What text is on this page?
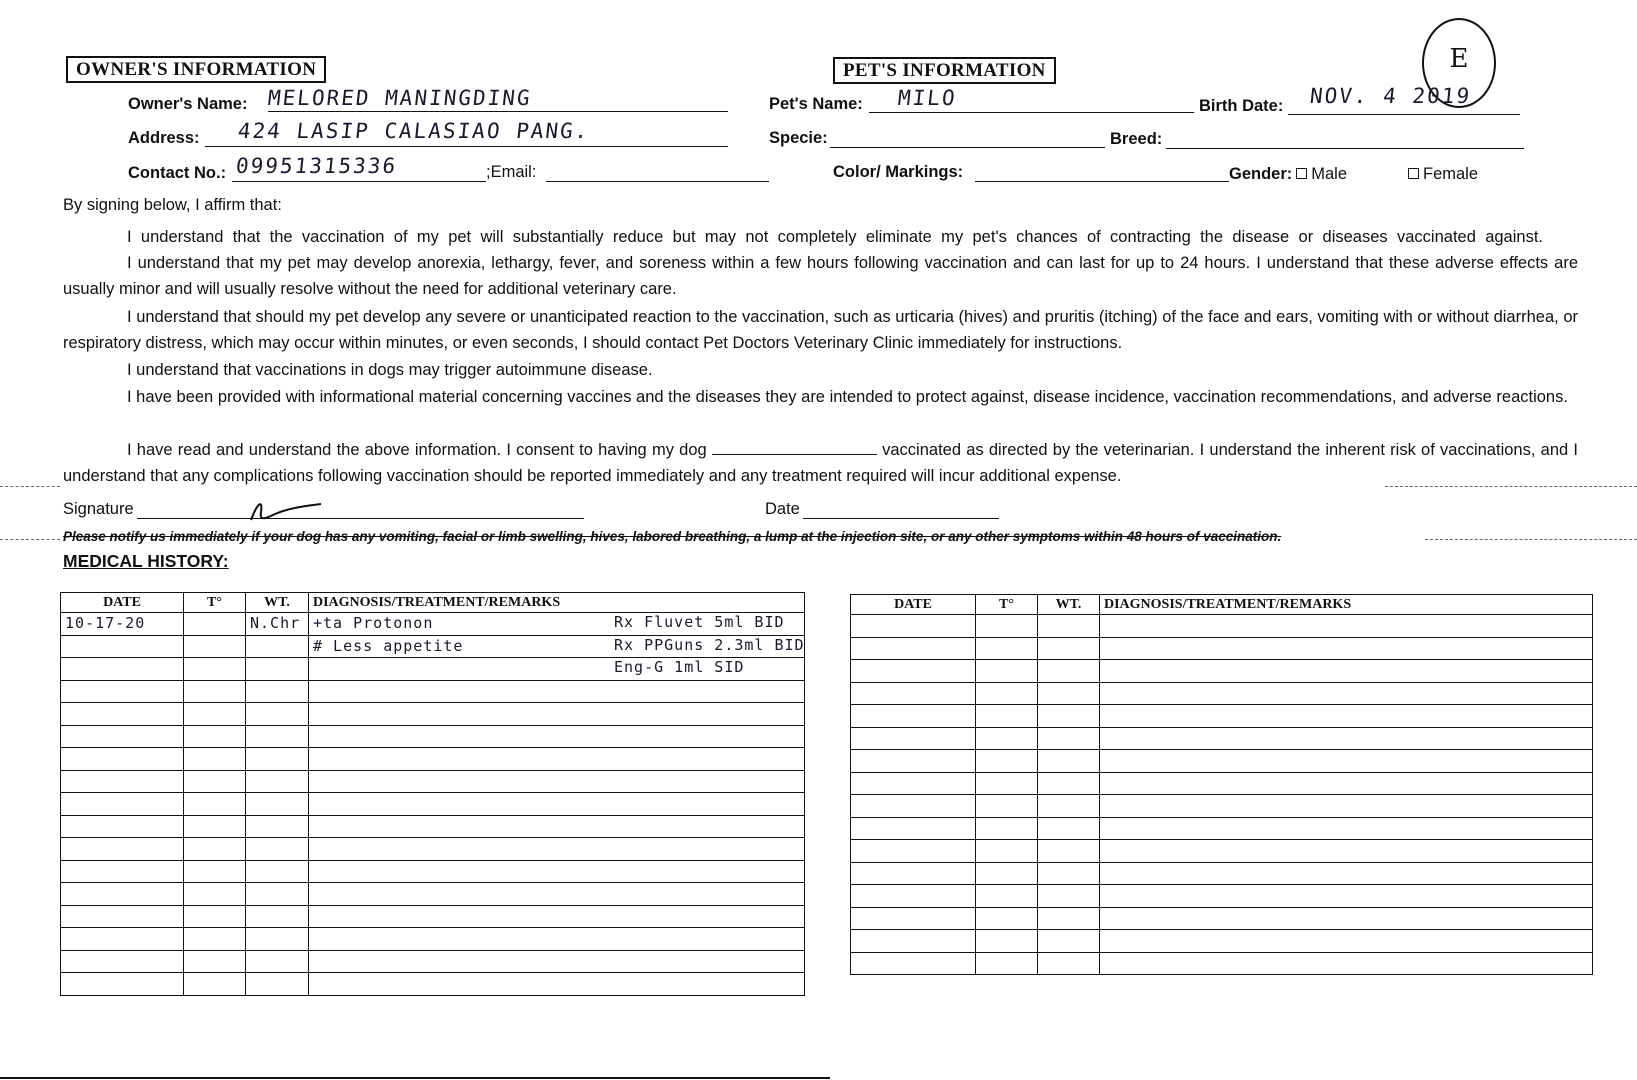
E
OWNER'S INFORMATION
Owner's Name: MELORED MANINGDING
Address: 424 LASIP CALASIAO PANG.
Contact No.: 09951315336	;Email:
PET'S INFORMATION
Pet's Name: MILO	Birth Date: NOV. 4 2019
Specie:	Breed:
Color/ Markings:	Gender: Male	Female
By signing below, I affirm that:
I understand that the vaccination of my pet will substantially reduce but may not completely eliminate my pet's chances of contracting the disease or diseases vaccinated against.
I understand that my pet may develop anorexia, lethargy, fever, and soreness within a few hours following vaccination and can last for up to 24 hours. I understand that these adverse effects are usually minor and will usually resolve without the need for additional veterinary care.
I understand that should my pet develop any severe or unanticipated reaction to the vaccination, such as urticaria (hives) and pruritis (itching) of the face and ears, vomiting with or without diarrhea, or respiratory distress, which may occur within minutes, or even seconds, I should contact Pet Doctors Veterinary Clinic immediately for instructions.
I understand that vaccinations in dogs may trigger autoimmune disease.
I have been provided with informational material concerning vaccines and the diseases they are intended to protect against, disease incidence, vaccination recommendations, and adverse reactions.
I have read and understand the above information. I consent to having my dog	vaccinated as directed by the veterinarian. I understand the inherent risk of vaccinations, and I understand that any complications following vaccination should be reported immediately and any treatment required will incur additional expense.
Signature	Date
Please notify us immediately if your dog has any vomiting, facial or limb swelling, hives, labored breathing, a lump at the injection site, or any other symptoms within 48 hours of vaccination.
MEDICAL HISTORY:
DATE	T°	WT.	DIAGNOSIS/TREATMENT/REMARKS
10-17-20		N.Chr	+ta Protonon Rx Fluvet 5ml BID

			# Less appetite Rx PPGuns 2.3ml BID

			Eng-G 1ml SID

DATE	T°	WT.	DIAGNOSIS/TREATMENT/REMARKS
